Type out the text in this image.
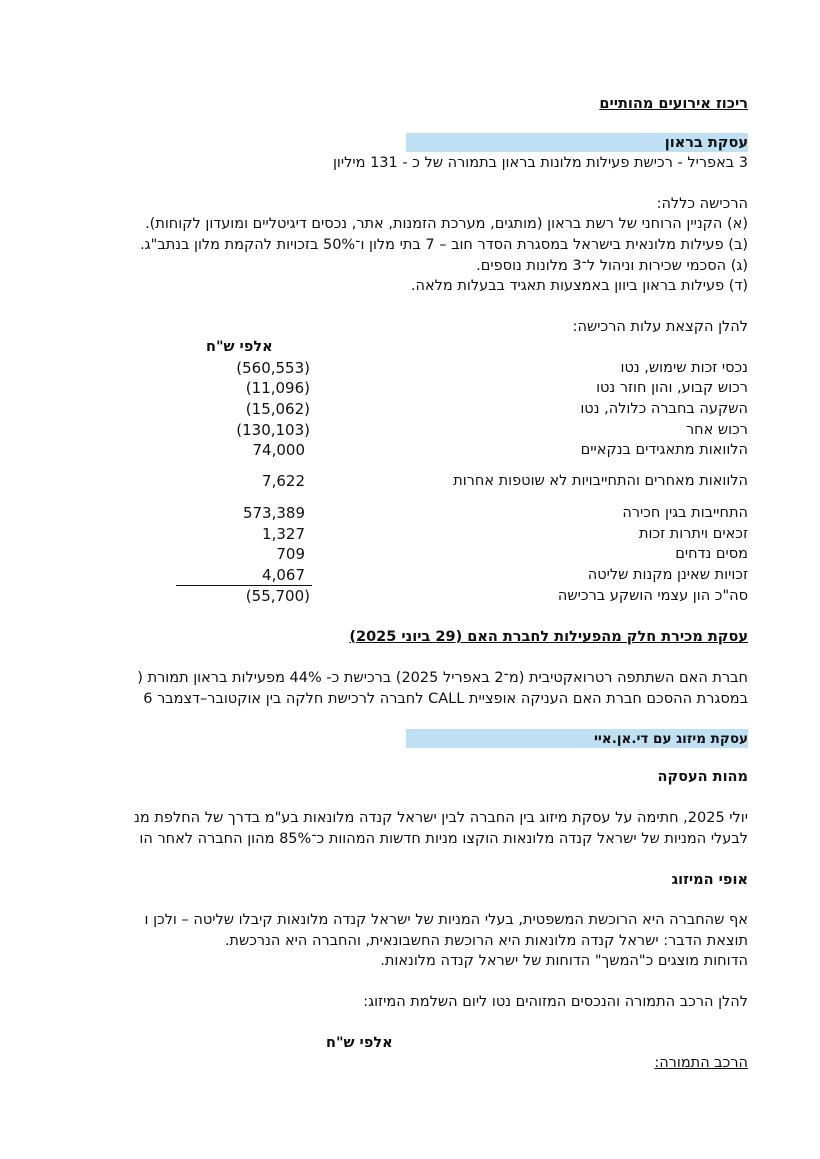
ריכוז אירועים מהותיים
עסקת בראון
3 באפריל - רכישת פעילות מלונות בראון בתמורה של כ - 131 מיליון
הרכישה כללה:
(א) הקניין הרוחני של רשת בראון (מותגים, מערכת הזמנות, אתר, נכסים דיגיטליים ומועדון לקוחות).
(ב) פעילות מלונאית בישראל במסגרת הסדר חוב – 7 בתי מלון ו־50% בזכויות להקמת מלון בנתב"ג.
(ג) הסכמי שכירות וניהול ל־3 מלונות נוספים.
(ד) פעילות בראון ביוון באמצעות תאגיד בבעלות מלאה.
להלן הקצאת עלות הרכישה:
אלפי ש"ח
נכסי זכות שימוש, נטו
(560,553)
רכוש קבוע, והון חוזר נטו
(11,096)
השקעה בחברה כלולה, נטו
(15,062)
רכוש אחר
(130,103)
הלוואות מתאגידים בנקאיים
74,000
הלוואות מאחרים והתחייבויות לא שוטפות אחרות
7,622
התחייבות בגין חכירה
573,389
זכאים ויתרות זכות
1,327
מסים נדחים
709
זכויות שאינן מקנות שליטה
4,067
סה"כ הון עצמי הושקע ברכישה
(55,700)
עסקת מכירת חלק מהפעילות לחברת האם (29 ביוני 2025)
חברת האם השתתפה רטרואקטיבית (מ־2 באפריל 2025) ברכישת כ- 44% מפעילות בראון תמורת (
במסגרת ההסכם חברת האם העניקה אופציית CALL לחברה לרכישת חלקה בין אוקטובר–דצמבר 6
עסקת מיזוג עם די.אן.איי
מהות העסקה
יולי 2025, חתימה על עסקת מיזוג בין החברה לבין ישראל קנדה מלונאות בע"מ בדרך של החלפת מנ
לבעלי המניות של ישראל קנדה מלונאות הוקצו מניות חדשות המהוות כ־85% מהון החברה לאחר הו
אופי המיזוג
אף שהחברה היא הרוכשת המשפטית, בעלי המניות של ישראל קנדה מלונאות קיבלו שליטה – ולכן ו
תוצאת הדבר: ישראל קנדה מלונאות היא הרוכשת החשבונאית, והחברה היא הנרכשת.
הדוחות מוצגים כ"המשך" הדוחות של ישראל קנדה מלונאות.
להלן הרכב התמורה והנכסים המזוהים נטו ליום השלמת המיזוג:
אלפי ש"ח
הרכב התמורה:
